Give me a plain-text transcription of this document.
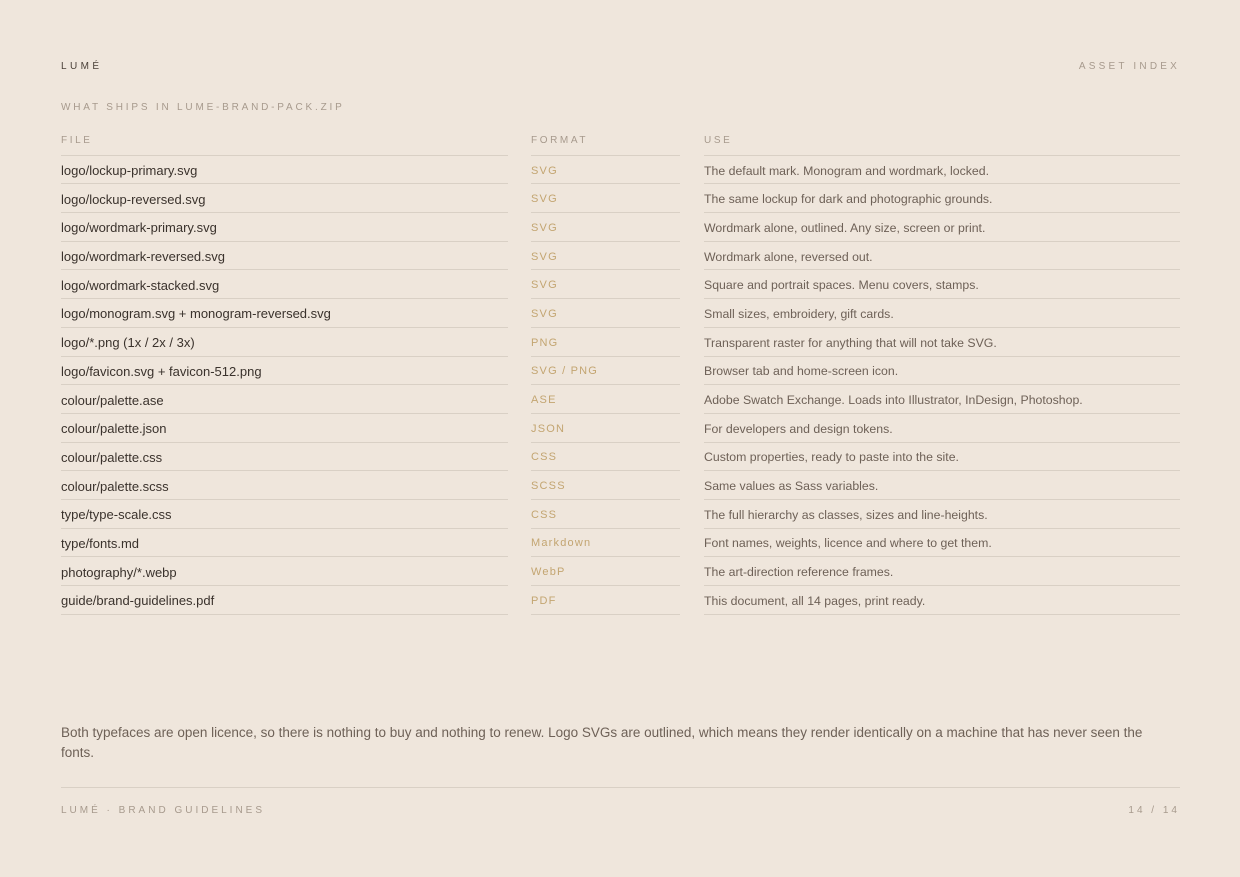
LUMÉ	ASSET INDEX
WHAT SHIPS IN LUME-BRAND-PACK.ZIP
FILE	FORMAT	USE
logo/lockup-primary.svg	SVG	The default mark. Monogram and wordmark, locked.
logo/lockup-reversed.svg	SVG	The same lockup for dark and photographic grounds.
logo/wordmark-primary.svg	SVG	Wordmark alone, outlined. Any size, screen or print.
logo/wordmark-reversed.svg	SVG	Wordmark alone, reversed out.
logo/wordmark-stacked.svg	SVG	Square and portrait spaces. Menu covers, stamps.
logo/monogram.svg + monogram-reversed.svg	SVG	Small sizes, embroidery, gift cards.
logo/*.png (1x / 2x / 3x)	PNG	Transparent raster for anything that will not take SVG.
logo/favicon.svg + favicon-512.png	SVG / PNG	Browser tab and home-screen icon.
colour/palette.ase	ASE	Adobe Swatch Exchange. Loads into Illustrator, InDesign, Photoshop.
colour/palette.json	JSON	For developers and design tokens.
colour/palette.css	CSS	Custom properties, ready to paste into the site.
colour/palette.scss	SCSS	Same values as Sass variables.
type/type-scale.css	CSS	The full hierarchy as classes, sizes and line-heights.
type/fonts.md	Markdown	Font names, weights, licence and where to get them.
photography/*.webp	WebP	The art-direction reference frames.
guide/brand-guidelines.pdf	PDF	This document, all 14 pages, print ready.
Both typefaces are open licence, so there is nothing to buy and nothing to renew. Logo SVGs are outlined, which means they render identically on a machine that has never seen the fonts.
LUMÉ · BRAND GUIDELINES	14 / 14
